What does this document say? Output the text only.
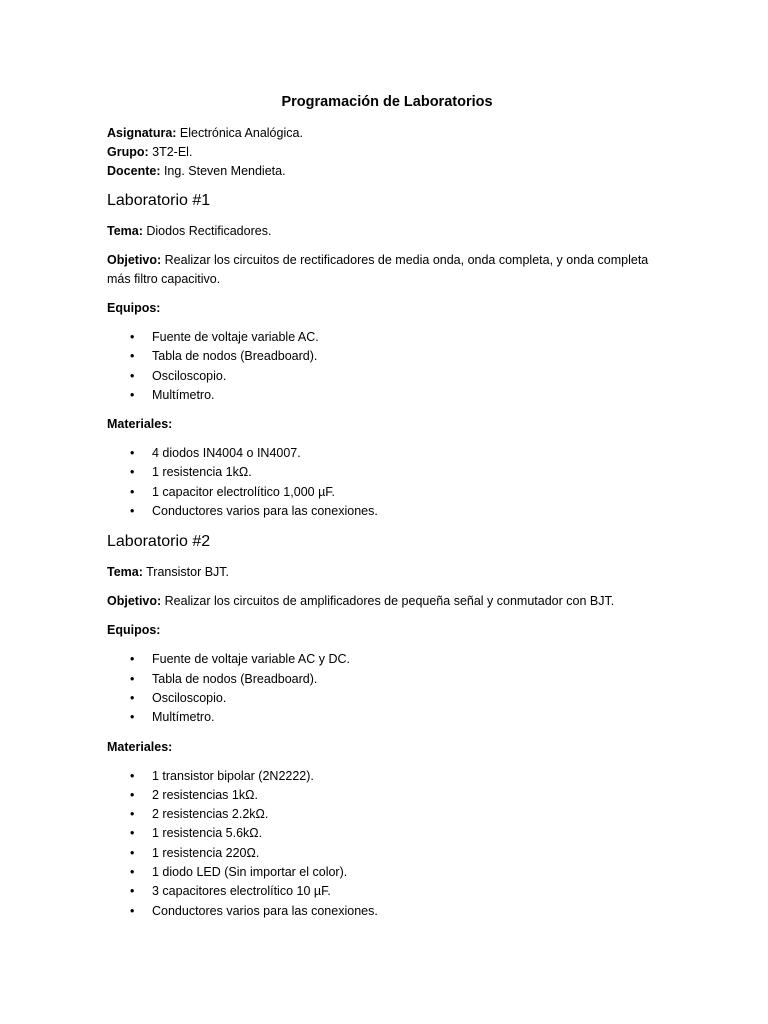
Programación de Laboratorios

Asignatura: Electrónica Analógica.

Grupo: 3T2-El.

Docente: Ing. Steven Mendieta.

Laboratorio #1

Tema: Diodos Rectificadores.

Objetivo: Realizar los circuitos de rectificadores de media onda, onda completa, y onda completa más filtro capacitivo.

Equipos:

• Fuente de voltaje variable AC.
• Tabla de nodos (Breadboard).
• Osciloscopio.
• Multímetro.

Materiales:

• 4 diodos IN4004 o IN4007.
• 1 resistencia 1kΩ.
• 1 capacitor electrolítico 1,000 µF.
• Conductores varios para las conexiones.
Laboratorio #2

Tema: Transistor BJT.

Objetivo: Realizar los circuitos de amplificadores de pequeña señal y conmutador con BJT.

Equipos:

• Fuente de voltaje variable AC y DC.
• Tabla de nodos (Breadboard).
• Osciloscopio.
• Multímetro.

Materiales:

• 1 transistor bipolar (2N2222).
• 2 resistencias 1kΩ.
• 2 resistencias 2.2kΩ.
• 1 resistencia 5.6kΩ.
• 1 resistencia 220Ω.
• 1 diodo LED (Sin importar el color).
• 3 capacitores electrolítico 10 µF.
• Conductores varios para las conexiones.
